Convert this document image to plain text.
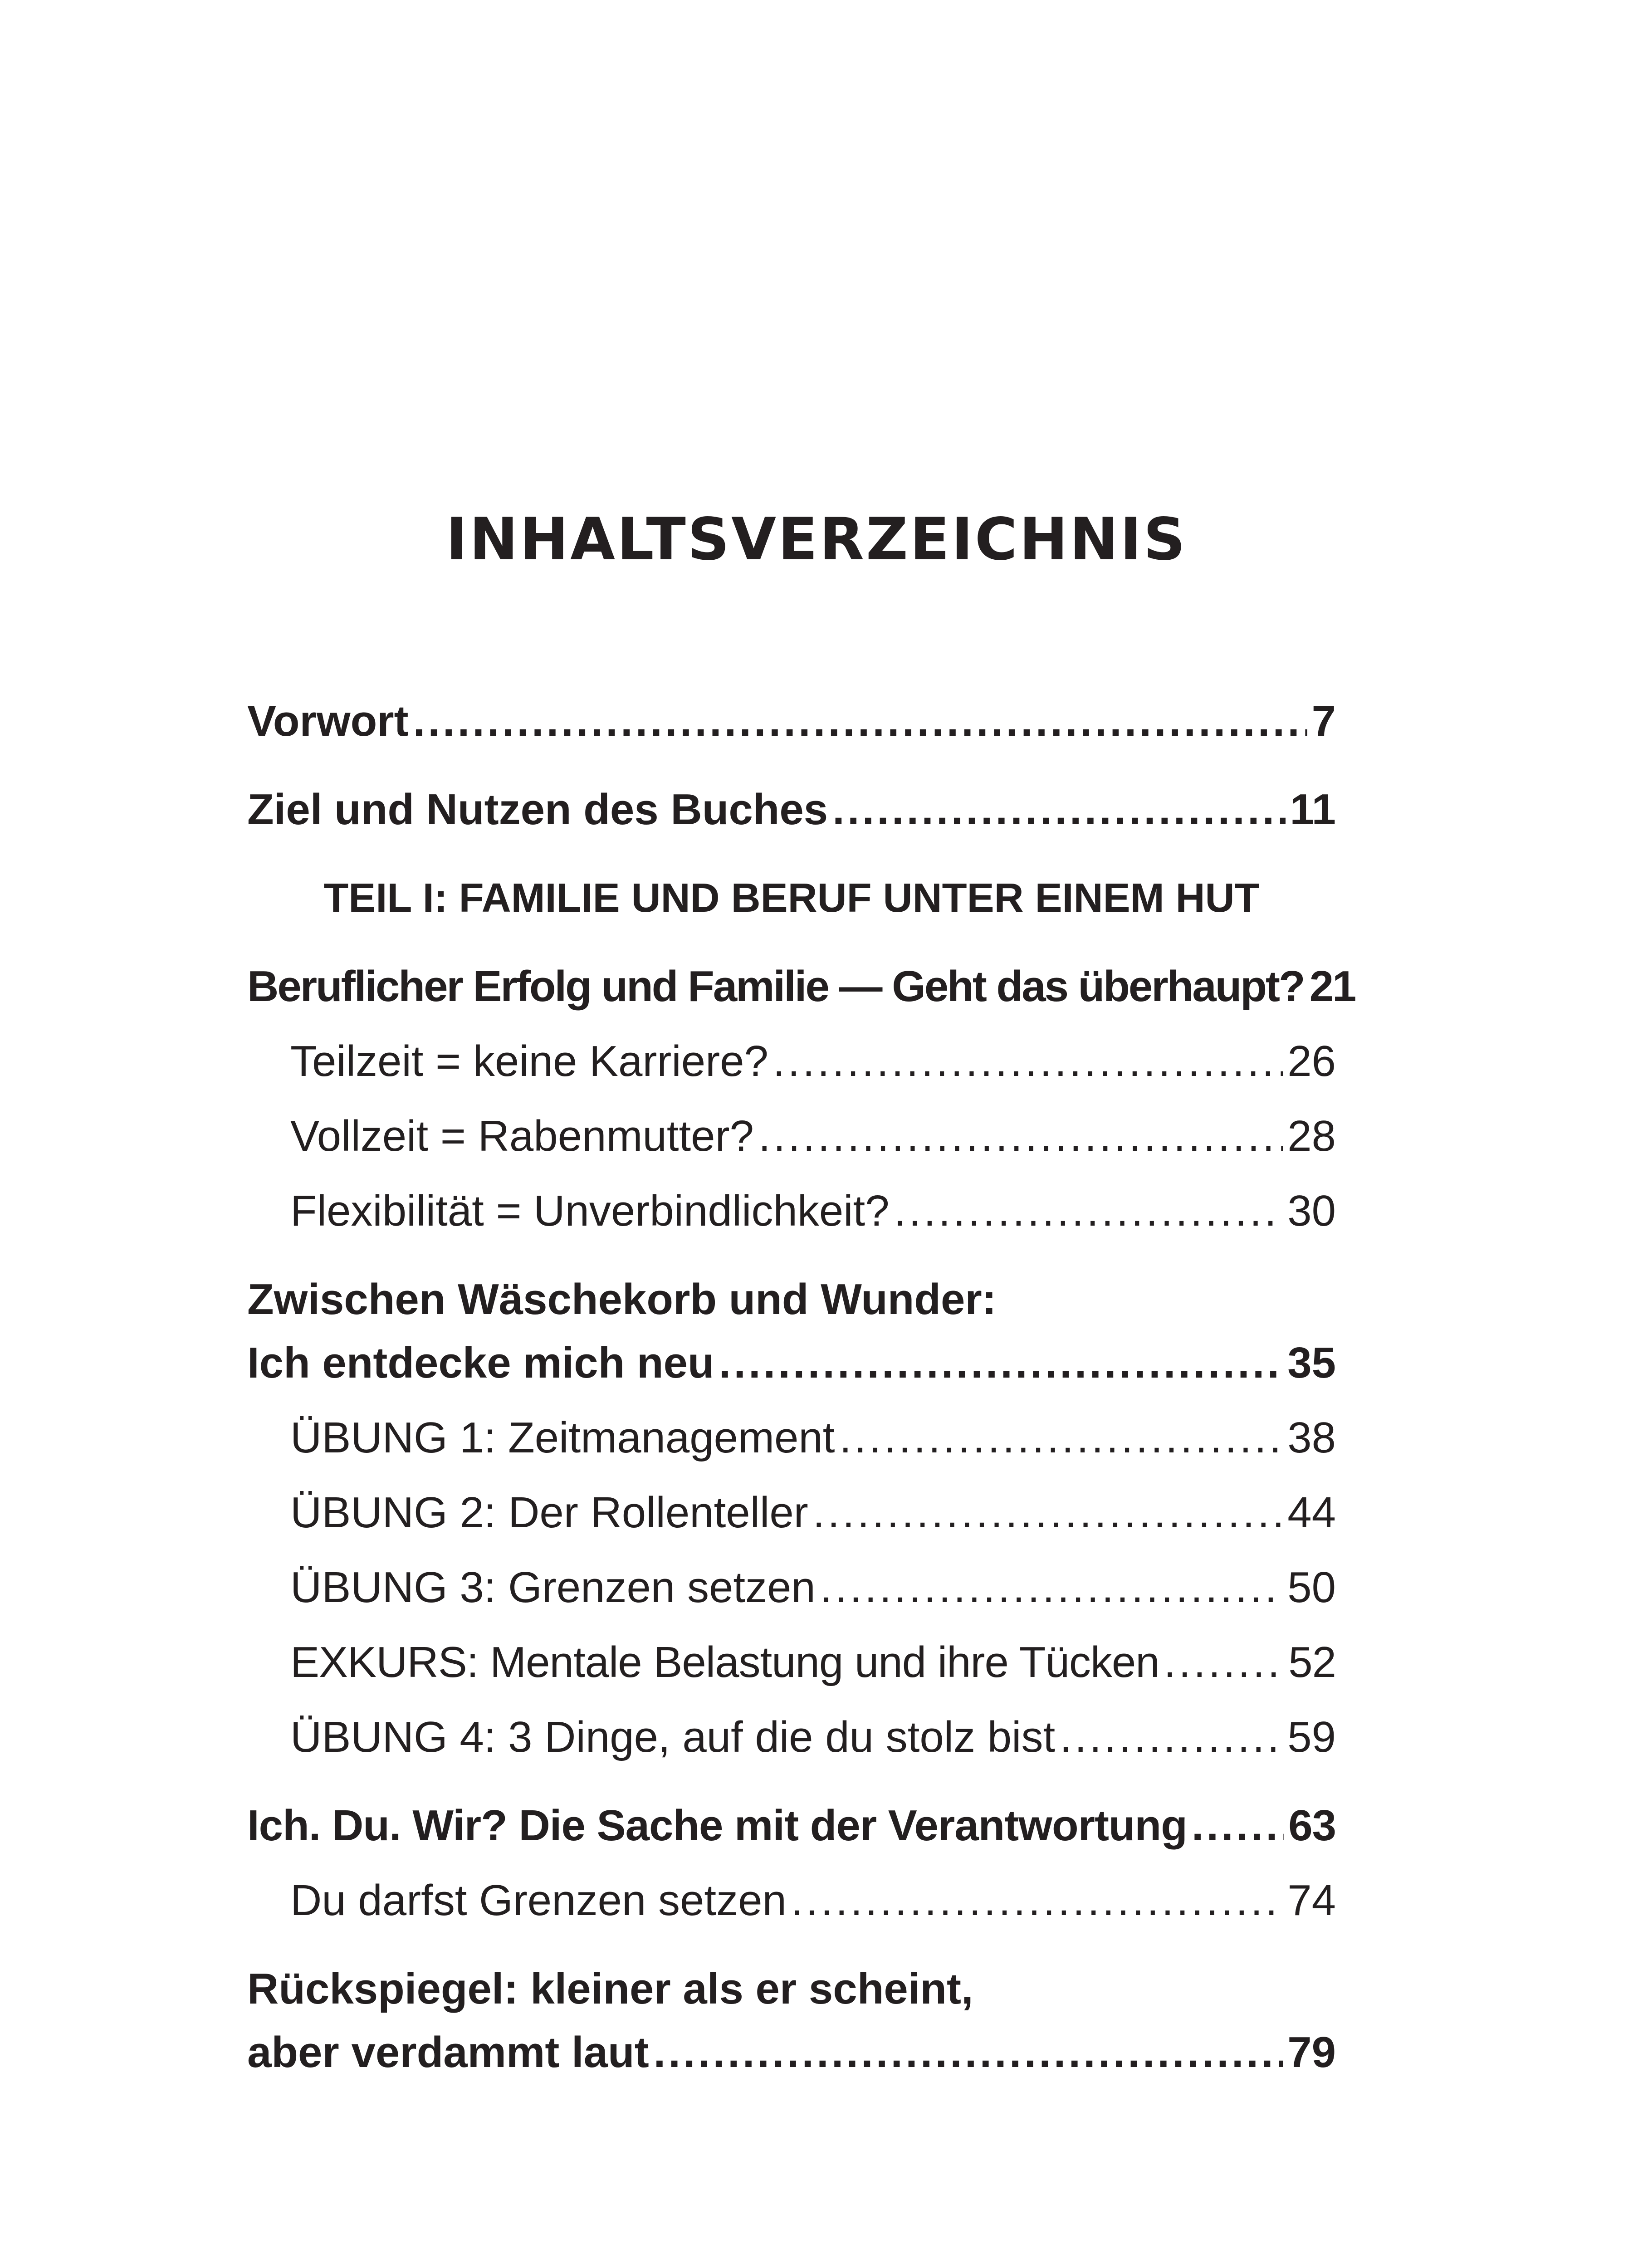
INHALTSVERZEICHNIS
Vorwort .....	7
Ziel und Nutzen des Buches .....	11
TEIL I: FAMILIE UND BERUF UNTER EINEM HUT
Beruflicher Erfolg und Familie — Geht das überhaupt? 21
Teilzeit = keine Karriere? .....	26
Vollzeit = Rabenmutter? .....	28
Flexibilität = Unverbindlichkeit? .....	30
Zwischen Wäschekorb und Wunder:
Ich entdecke mich neu .....	35
ÜBUNG 1: Zeitmanagement .....	38
ÜBUNG 2: Der Rollenteller .....	44
ÜBUNG 3: Grenzen setzen .....	50
EXKURS: Mentale Belastung und ihre Tücken .....	52
ÜBUNG 4: 3 Dinge, auf die du stolz bist .....	59
Ich. Du. Wir? Die Sache mit der Verantwortung ..... 63
Du darfst Grenzen setzen .....	74
Rückspiegel: kleiner als er scheint,
aber verdammt laut .....	79
